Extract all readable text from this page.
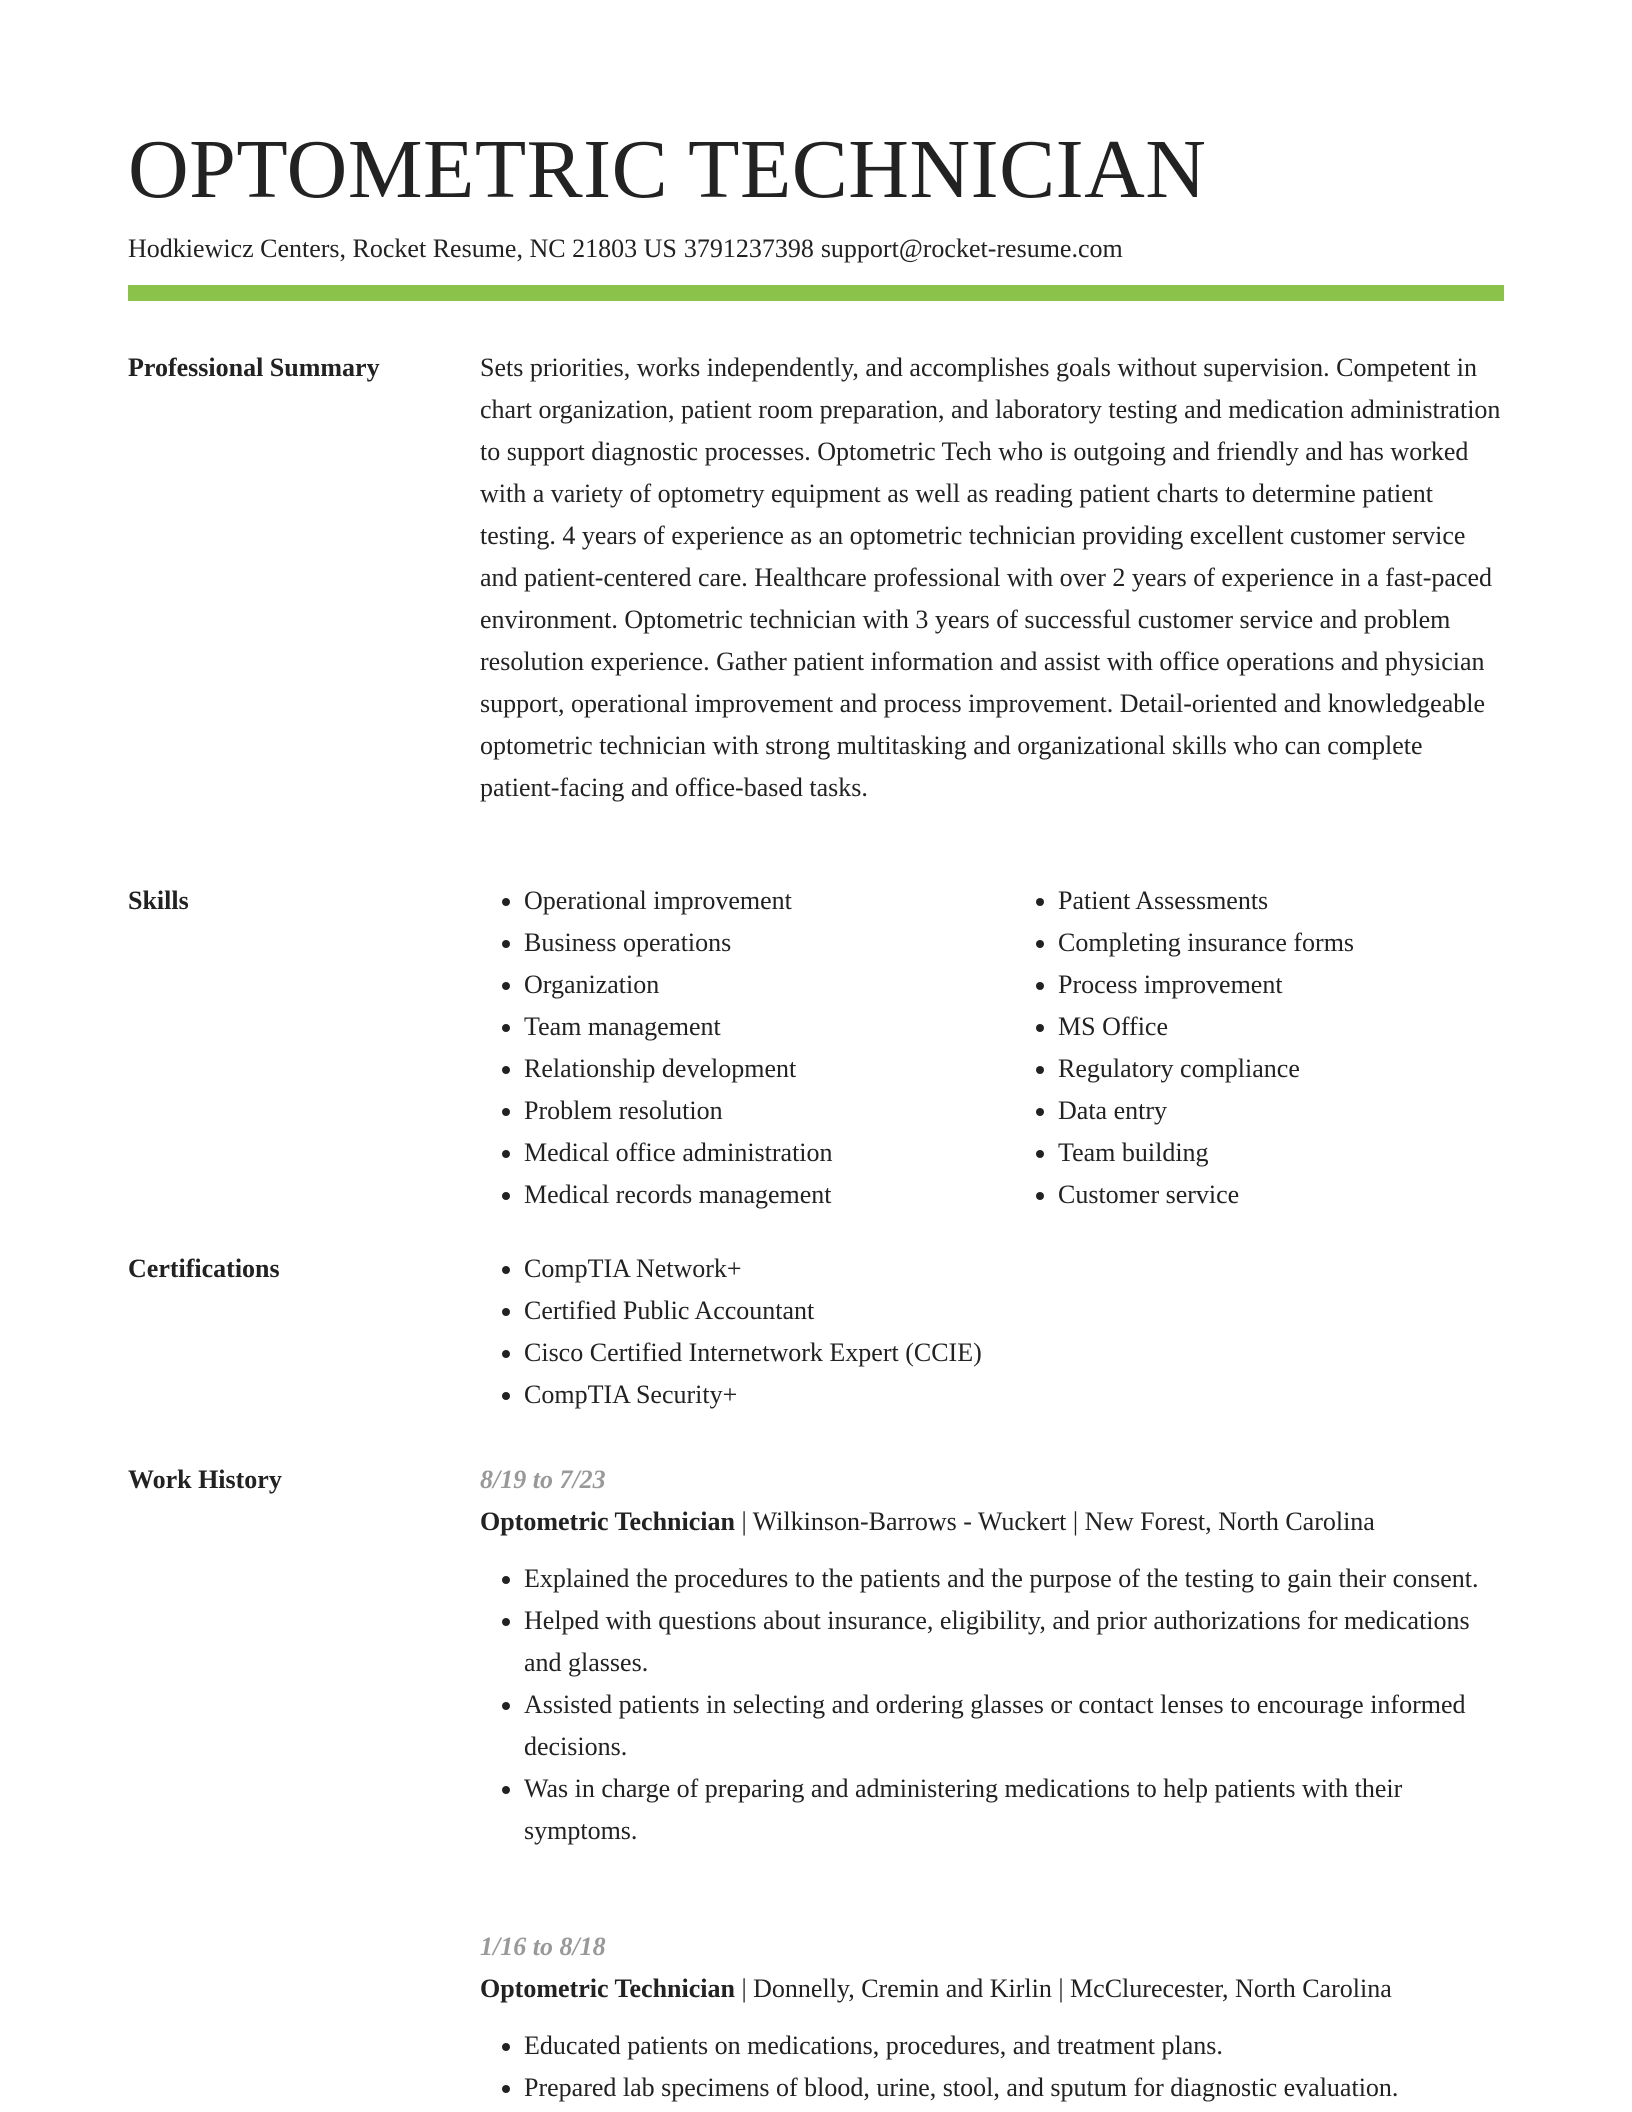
OPTOMETRIC TECHNICIAN
Hodkiewicz Centers, Rocket Resume, NC 21803 US 3791237398 support@rocket-resume.com
Professional Summary	Sets priorities, works independently, and accomplishes goals without supervision. Competent in chart organization, patient room preparation, and laboratory testing and medication administration to support diagnostic processes. Optometric Tech who is outgoing and friendly and has worked with a variety of optometry equipment as well as reading patient charts to determine patient testing. 4 years of experience as an optometric technician providing excellent customer service and patient-centered care. Healthcare professional with over 2 years of experience in a fast-paced environment. Optometric technician with 3 years of successful customer service and problem resolution experience. Gather patient information and assist with office operations and physician support, operational improvement and process improvement. Detail-oriented and knowledgeable optometric technician with strong multitasking and organizational skills who can complete patient-facing and office-based tasks.

Skills	• Operational improvement
• Business operations
• Organization
• Team management
• Relationship development
• Problem resolution
• Medical office administration
• Medical records management
• Patient Assessments
• Completing insurance forms
• Process improvement
• MS Office
• Regulatory compliance
• Data entry
• Team building
• Customer service
Certifications	• CompTIA Network+
• Certified Public Accountant
• Cisco Certified Internetwork Expert (CCIE)
• CompTIA Security+
Work History	8/19 to 7/23
Optometric Technician | Wilkinson-Barrows - Wuckert | New Forest, North Carolina
• Explained the procedures to the patients and the purpose of the testing to gain their consent.
• Helped with questions about insurance, eligibility, and prior authorizations for medications and glasses.
• Assisted patients in selecting and ordering glasses or contact lenses to encourage informed decisions.
• Was in charge of preparing and administering medications to help patients with their symptoms.
1/16 to 8/18
Optometric Technician | Donnelly, Cremin and Kirlin | McClurecester, North Carolina
• Educated patients on medications, procedures, and treatment plans.
• Prepared lab specimens of blood, urine, stool, and sputum for diagnostic evaluation.
